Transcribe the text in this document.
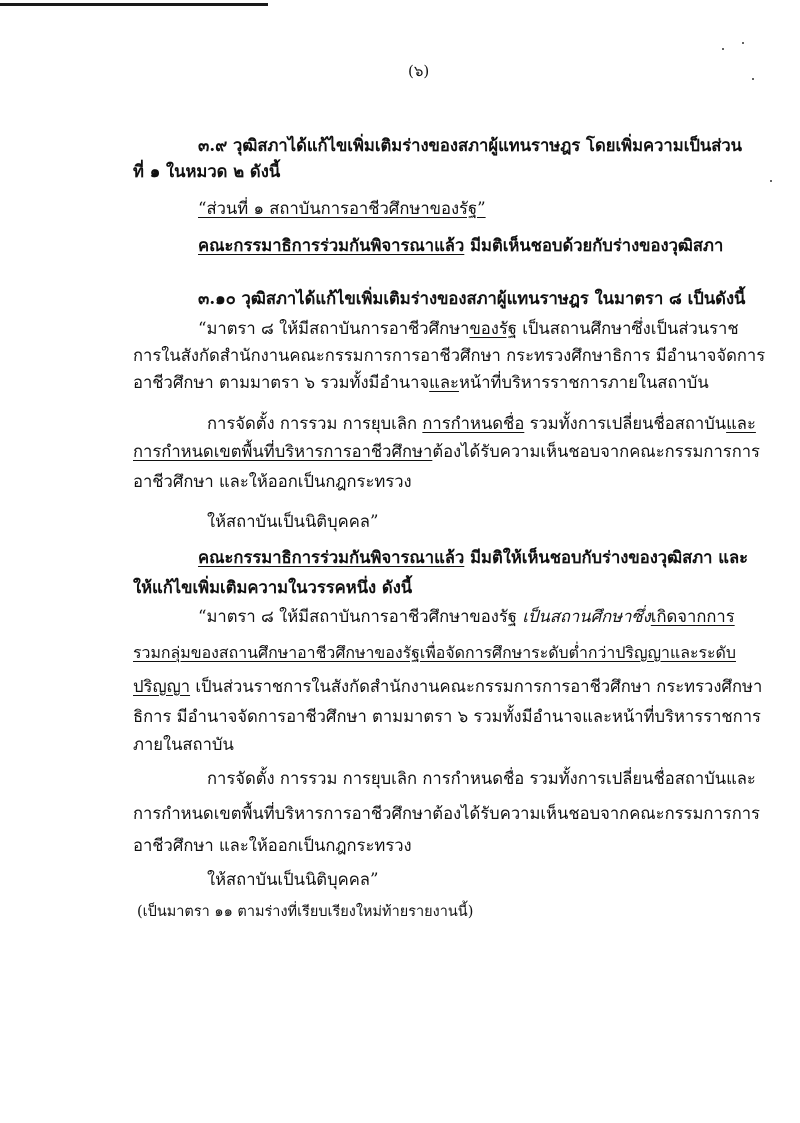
(๖)
๓.๙ วุฒิสภาได้แก้ไขเพิ่มเติมร่างของสภาผู้แทนราษฎร โดยเพิ่มความเป็นส่วน
ที่ ๑ ในหมวด ๒ ดังนี้
“ส่วนที่ ๑ สถาบันการอาชีวศึกษาของรัฐ”
คณะกรรมาธิการร่วมกันพิจารณาแล้ว มีมติเห็นชอบด้วยกับร่างของวุฒิสภา
๓.๑๐ วุฒิสภาได้แก้ไขเพิ่มเติมร่างของสภาผู้แทนราษฎร ในมาตรา ๘ เป็นดังนี้
“มาตรา ๘ ให้มีสถาบันการอาชีวศึกษาของรัฐ เป็นสถานศึกษาซึ่งเป็นส่วนราช
การในสังกัดสำนักงานคณะกรรมการการอาชีวศึกษา กระทรวงศึกษาธิการ มีอำนาจจัดการ
อาชีวศึกษา ตามมาตรา ๖ รวมทั้งมีอำนาจและหน้าที่บริหารราชการภายในสถาบัน
การจัดตั้ง การรวม การยุบเลิก การกำหนดชื่อ รวมทั้งการเปลี่ยนชื่อสถาบันและ
การกำหนดเขตพื้นที่บริหารการอาชีวศึกษาต้องได้รับความเห็นชอบจากคณะกรรมการการ
อาชีวศึกษา และให้ออกเป็นกฎกระทรวง
ให้สถาบันเป็นนิติบุคคล”
คณะกรรมาธิการร่วมกันพิจารณาแล้ว มีมติให้เห็นชอบกับร่างของวุฒิสภา และ
ให้แก้ไขเพิ่มเติมความในวรรคหนึ่ง ดังนี้
“มาตรา ๘ ให้มีสถาบันการอาชีวศึกษาของรัฐ เป็นสถานศึกษาซึ่งเกิดจากการ
รวมกลุ่มของสถานศึกษาอาชีวศึกษาของรัฐเพื่อจัดการศึกษาระดับต่ำกว่าปริญญาและระดับ
ปริญญา เป็นส่วนราชการในสังกัดสำนักงานคณะกรรมการการอาชีวศึกษา กระทรวงศึกษา
ธิการ มีอำนาจจัดการอาชีวศึกษา ตามมาตรา ๖ รวมทั้งมีอำนาจและหน้าที่บริหารราชการ
ภายในสถาบัน
การจัดตั้ง การรวม การยุบเลิก การกำหนดชื่อ รวมทั้งการเปลี่ยนชื่อสถาบันและ
การกำหนดเขตพื้นที่บริหารการอาชีวศึกษาต้องได้รับความเห็นชอบจากคณะกรรมการการ
อาชีวศึกษา และให้ออกเป็นกฎกระทรวง
ให้สถาบันเป็นนิติบุคคล”
(เป็นมาตรา ๑๑ ตามร่างที่เรียบเรียงใหม่ท้ายรายงานนี้)
